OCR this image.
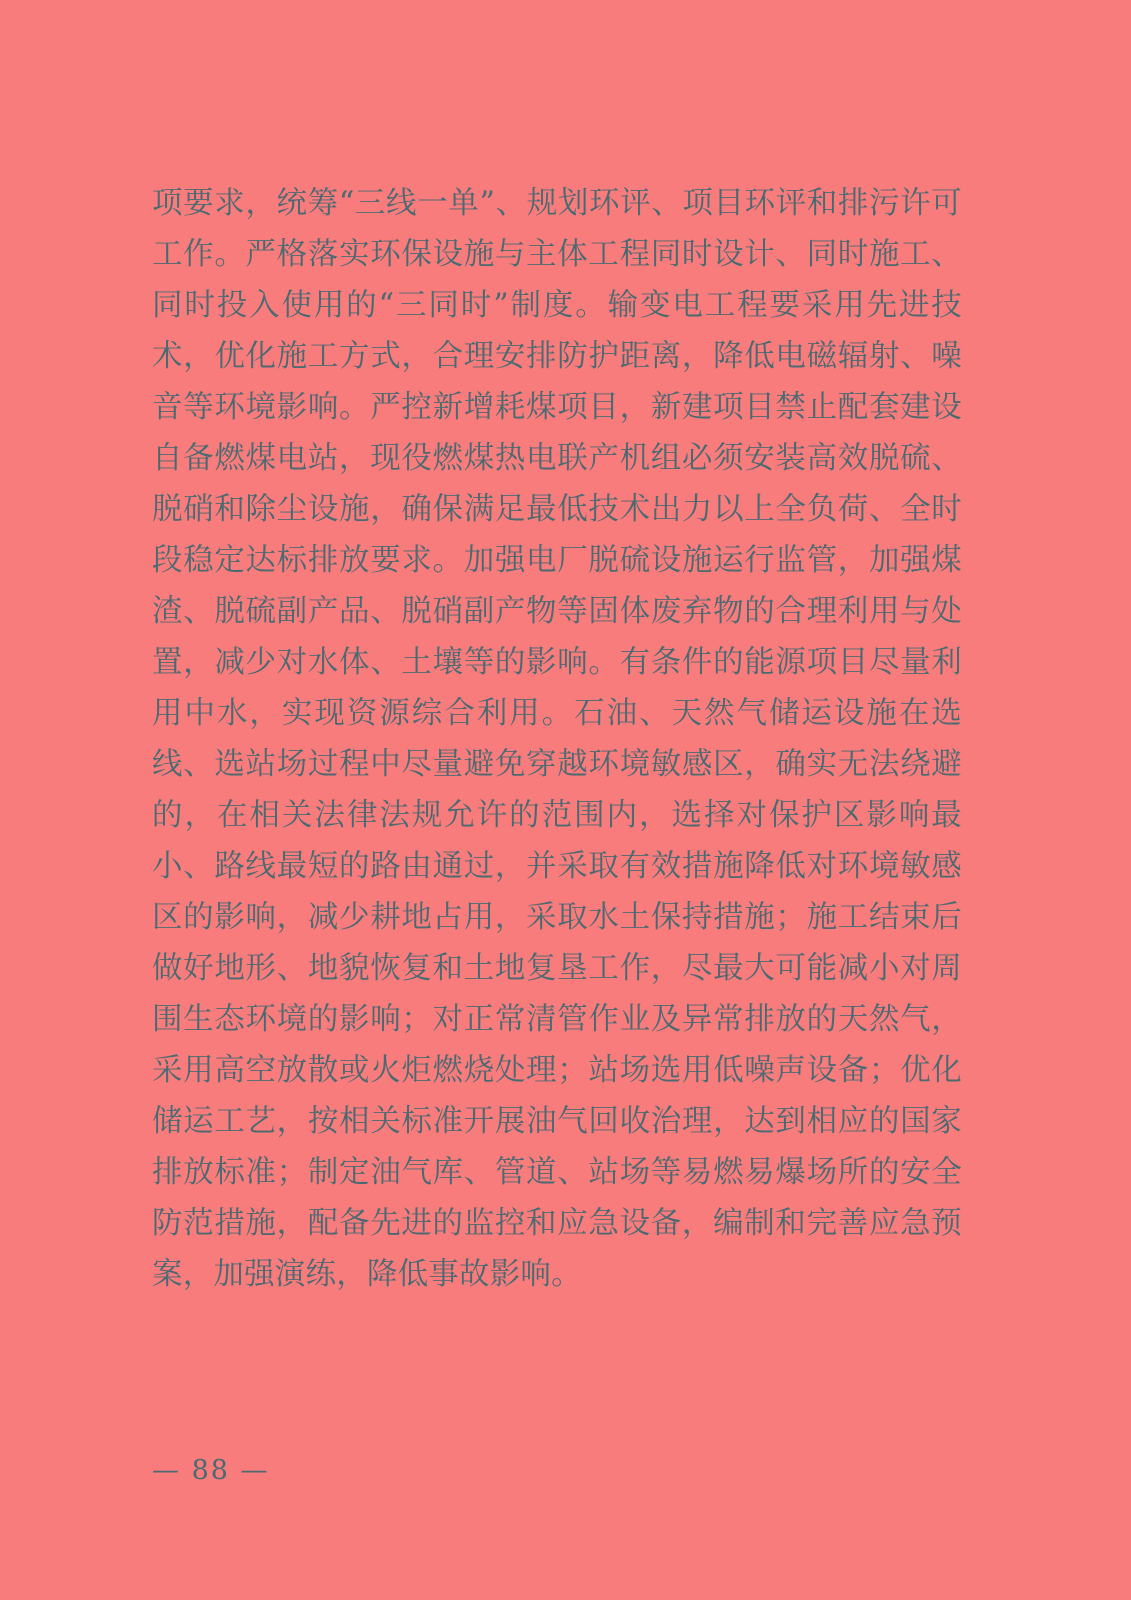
项要求，统筹“三线一单”、规划环评、项目环评和排污许可工作。严格落实环保设施与主体工程同时设计、同时施工、同时投入使用的“三同时”制度。输变电工程要采用先进技术，优化施工方式，合理安排防护距离，降低电磁辐射、噪音等环境影响。严控新增耗煤项目，新建项目禁止配套建设自备燃煤电站，现役燃煤热电联产机组必须安装高效脱硫、脱硝和除尘设施，确保满足最低技术出力以上全负荷、全时段稳定达标排放要求。加强电厂脱硫设施运行监管，加强煤渣、脱硫副产品、脱硝副产物等固体废弃物的合理利用与处置，减少对水体、土壤等的影响。有条件的能源项目尽量利用中水，实现资源综合利用。石油、天然气储运设施在选线、选站场过程中尽量避免穿越环境敏感区，确实无法绕避的，在相关法律法规允许的范围内，选择对保护区影响最小、路线最短的路由通过，并采取有效措施降低对环境敏感区的影响，减少耕地占用，采取水土保持措施；施工结束后做好地形、地貌恢复和土地复垦工作，尽最大可能减小对周围生态环境的影响；对正常清管作业及异常排放的天然气，采用高空放散或火炬燃烧处理；站场选用低噪声设备；优化储运工艺，按相关标准开展油气回收治理，达到相应的国家排放标准；制定油气库、管道、站场等易燃易爆场所的安全防范措施，配备先进的监控和应急设备，编制和完善应急预案，加强演练，降低事故影响。
— 88 —
